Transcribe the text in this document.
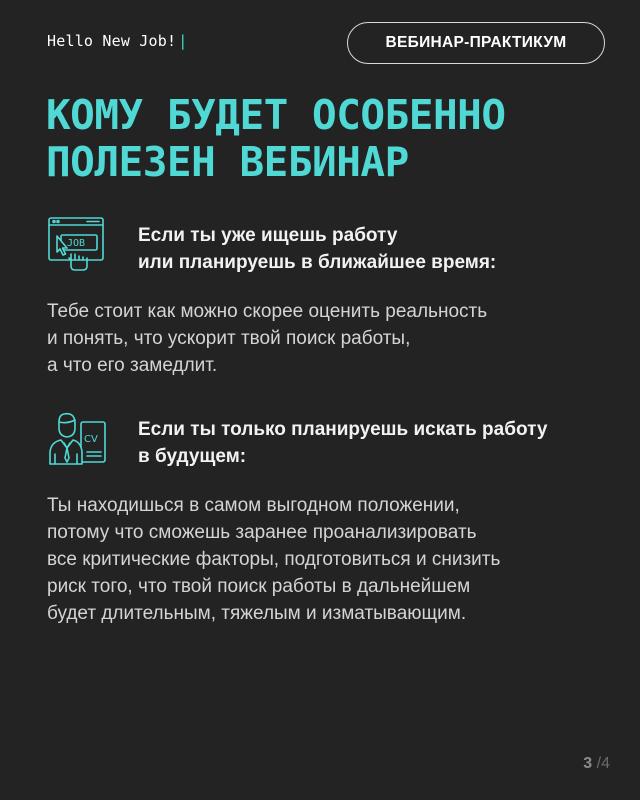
Hello New Job! |	ВЕБИНАР-ПРАКТИКУМ
КОМУ БУДЕТ ОСОБЕННО
ПОЛЕЗЕН ВЕБИНАР
JOB	Если ты уже ищешь работу
или планируешь в ближайшее время:

Тебе стоит как можно скорее оценить реальность
и понять, что ускорит твой поиск работы,
а что его замедлит.

CV Если ты только планируешь искать работу
в будущем:

Ты находишься в самом выгодном положении,
потому что сможешь заранее проанализировать
все критические факторы, подготовиться и снизить
риск того, что твой поиск работы в дальнейшем
будет длительным, тяжелым и изматывающим.

3 /4
